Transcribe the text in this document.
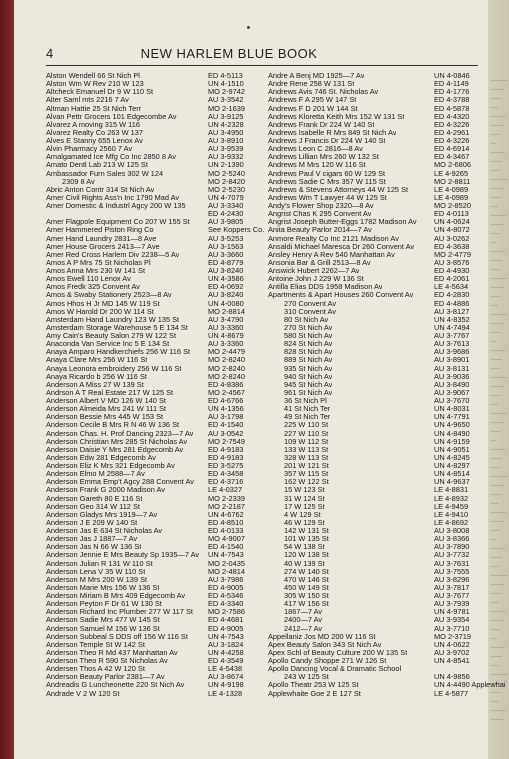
4	NEW HARLEM BLUE BOOK
Alston Wendell 66 St Nich Pl	ED 4-5113
Alston Wm W Rev 210 W 123	UN 4-1510
Altcheck Emanuel Dr 9 W 110 St	MO 2-9742
Alter Saml mts 2216 7 Av	AU 3-3542
Altman Hattie 25 St Nich Terr	MO 2-1639
Alvan Pettr Grocers 101 Edgecombe Av	AU 3-9125
Alvarez A moving 315 W 116	UN 4-2328
Alvarez Realty Co 263 W 137	AU 3-4950
Alves E Stanny 655 Lenox Av	AU 3-8910
Alvin Pharmacy 2560 7 Av	AU 3-9539
Amalgamated Ice Mfg Co Inc 2850 8 Av	AU 3-9332
Amato Dentl Lab 213 W 125 St	UN 2-1390
Ambassador Furn Sales 302 W 124	MO 2-5240
2309 8 Av	MO 2-8420
Abric Anton Contr 314 St Nich Av	MO 2-5230
Amer Civil Rights Ass'n Inc 1790 Mad Av	UN 4-7079
Amer Domestic & Industrl Agcy 200 W 135	AU 3-3340
ED 4-2430
Amer Flagpole Equipment Co 207 W 155 St AU 3-9805
Amer Hammered Piston Ring Co	See Koppers Co.
Amer Hand Laundry 2831—8 Ave	AU 3-5253
Amer House Grocers 2413—7 Ave	AU 3-1563
Amer Red Cross Harlem Div 2238—5 Av	AU 3-3660
Amos A P Mrs 75 St Nicholas Pl	ED 4-8779
Amos Anna Mrs 230 W 141 St	AU 3-8240
Amos Ewell 110 Lenox Av	UN 4-3586
Amos Fredk 325 Convent Av	ED 4-0692
Amos & Swaby Stationery 2523—8 Av	AU 3-8240
Amos Hhos H Jr MD 145 W 119 St	UN 4-0080
Amos W Harold Dr 200 W 114 St	MO 2-8814
Amsterdam Hand Laundry 123 W 135 St	AU 3-4790
Amsterdam Storage Warehouse 5 E 134 St	AU 3-3360
Amy Cain's Beauty Salon 279 W 122 St	UN 4-8679
Anaconda Van Service Inc 5 E 134 St	AU 3-3360
Anaya Amparo Handkerchiefs 256 W 116 St MO 2-4479
Anaya Clare Mrs 256 W 116 St	MO 2-8240
Anaya Leonora embroidery 256 W 116 St	MO 2-8240
Anaya Ricardo b 256 W 116 St	MO 2-8240
Anderson A Miss 27 W 139 St	ED 4-8386
Andrson A T Real Estate 217 W 125 St	MO 2-4567
Anderson Albert V MD 126 W 140 St	ED 4-6766
Anderson Almeida Mrs 241 W 111 St	UN 4-1356
Anderson Bessie Mrs 445 W 153 St	AU 3-1798
Anderson Cecile B Mrs R N 46 W 136 St	ED 4-1540
Anderson Chas. H. Prof Dancing 2323—7 Av AU 3-0542
Anderson Christian Mrs 285 St Nicholas Av	MO 2-7549
Anderson Daisie Y Mrs 281 Edgecomb Av	ED 4-9183
Anderson Edw 281 Edgecomb Av	ED 4-9183
Anderson Eliz K Mrs 321 Edgecomb Av	ED 3-5275
Anderson Elmo M 2588—7 Av	ED 4-3458
Anderson Emma Emp't Agcy 288 Convent Av ED 4-3716
Anderson Frank G 2000 Madison Av	LE 4-0327
Anderson Gareth 80 E 116 St	MO 2-2339
Anderson Geo 314 W 112 St	MO 2-2187
Anderson Gladys Mrs 1919—7 Av	UN 4-6762
Anderson J E 209 W 140 St	ED 4-8510
Anderson Jas E 634 St Nicholas Av	ED 4-0133
Anderson Jas J 1887—7 Av	MO 4-9007
Anderson Jas N 66 W 136 St	ED 4-1540
Anderson Jennie E Mrs Beauty Sp 1935—7 Av UN 4-7543
Anderson Julian R 131 W 110 St	MO 2-0435
Anderson Lena V 35 W 110 St	MO 2-4814
Anderson M Mrs 200 W 139 St	AU 3-7986
Anderson Marie Mrs 156 W 136 St	ED 4-9005
Anderson Miriam B Mrs 409 Edgecomb Av	ED 4-5346
Anderson Peyton F Dr 61 W 130 St	ED 4-3340
Anderson Richard Inc Plumber 277 W 117 St MO 2-7586
Anderson Sadie Mrs 477 W 145 St	ED 4-4681
Anderson Samuel M 156 W 136 St	ED 4-9005
Anderson Subbeal S DDS off 156 W 116 St	UN 4-7543
Anderson Temple St W 142 St	AU 3-1824
Anderson Theo R Md 437 Manhattan Av	UN 4-4258
Anderson Theo R 590 St Nicholas Av	ED 4-3549
Andersen Thos A 42 W 120 St	LE 4-5438
Anderson Beauty Parlor 2381—7 Av	AU 3-8674
Andreadis G Luncheonette 220 St Nich Av	UN 4-9198
Andrade V 2 W 120 St	LE 4-1328
Andre A Benj MD 1925—7 Av	UN 4-0846
Andre Rene 258 W 131 St	ED 4-1149
Andrews Avis 746 St. Nicholas Av	ED 4-1776
Andrews F A 295 W 147 St	ED 4-3788
Andrews F D 201 W 144 St	ED 4-5878
Andrews Kloretta Keith Mrs 152 W 131 St	ED 4-4320
Andrews Frank Dr 224 W 140 St	ED 4-3226
Andrews Isabelle R Mrs 849 St Nich Av	ED 4-2961
Andrews J Francis Dr 224 W 140 St	ED 4-3226
Andrews Leon C 2816—8 Av	ED 4-6914
Andrews Lillian Mrs 260 W 132 St	ED 4-3467
Andrews M Mrs 120 W 116 St	MO 2-6806
Andrews Paul V cigars 60 W 129 St	LE 4-9265
Andrews Sadie C Mrs 357 W 115 St	MO 2-8811
Andrews & Stevens Attorneys 44 W 125 St	LE 4-0989
Andrews Wm T Lawyer 44 W 125 St	LE 4-0989
Andy's Flower Shop 2320—8 Av	MO 2-8520
Angrist Chas K 295 Convent Av	ED 4-0113
Angrist Joseph Butter-Eggs 1782 Madison Av UN 4-0624
Anita Beauty Parlor 2014—7 Av	UN 4-8072
Anmore Realty Co Inc 2121 Madison Av	AU 3-0262
Ansaldi Michael Maresca Dr 260 Convent Av	ED 4-3638
Ansley Henry A Rev 540 Manhattan Av	MO 2-4779
Ansonia Bar & Grill 2513—8 Av	AU 3-8576
Answick Hubert 2262—7 Av	ED 4-4930
Antoine John J 229 W 136 St	ED 4-2061
Antilla Elias DDS 1958 Madison Av	LE 4-5634
Apartments & Apart Houses 260 Convent Av	ED 4-2830
270 Convent Av	ED 4-4886
310 Convent Av	AU 3-8127
80 St Nich Av	UN 4-8352
270 St Nich Av	UN 4-7494
580 St Nich Av	AU 3-7767
824 St Nich Av	AU 3-7613
828 St Nich Av	AU 3-9686
889 St Nich Av	AU 3-8901
935 St Nich Av	AU 3-8131
940 St Nich Av	AU 3-9036
945 St Nich Av	AU 3-8490
961 St Nich Av	AU 3-9067
36 St Nich Pl	AU 3-7670
41 St Nich Ter	UN 4-8031
49 St Nich Ter	UN 4-7791
225 W 110 St	UN 4-9650
227 W 110 St	UN 4-8490
109 W 112 St	UN 4-9159
133 W 113 St	UN 4-9051
328 W 113 St	UN 4-8245
201 W 121 St	UN 4-8297
357 W 115 St	UN 4-8514
162 W 122 St	UN 4-9637
15 W 123 St	LE 4-8831
31 W 124 St	LE 4-8932
17 W 125 St	LE 4-9459
4 W 129 St	LE 4-9410
46 W 129 St	LE 4-8692
142 W 131 St	AU 3-8008
101 W 135 St	AU 3-8366
54 W 138 St	AU 3-7890
120 W 138 St	AU 3-7732
40 W 139 St	AU 3-7631
274 W 140 St	AU 3-7555
470 W 146 St	AU 3-8296
450 W 149 St	AU 3-7817
305 W 150 St	AU 3-7677
417 W 156 St	AU 3-7939
1867—7 Av	UN 4-9781
2400—7 Av	AU 3-9354
2412—7 Av	AU 3-7710
Appellaniz Jos MD 200 W 116 St	MO 2-3719
Apex Beauty Salon 343 St Nich Av	UN 4-0622
Apex Schl of Beauty Culture 200 W 135 St	AU 3-9702
Apollo Candy Shoppe 271 W 126 St	UN 4-8541
Apollo Dancing Vocal & Dramatic School
243 W 125 St	UN 4-9856
Apollo Theatr 253 W 125 St	UN 4-4490 Applewhai
Applewhaite Goe 2 E 127 St	LE 4-5877
